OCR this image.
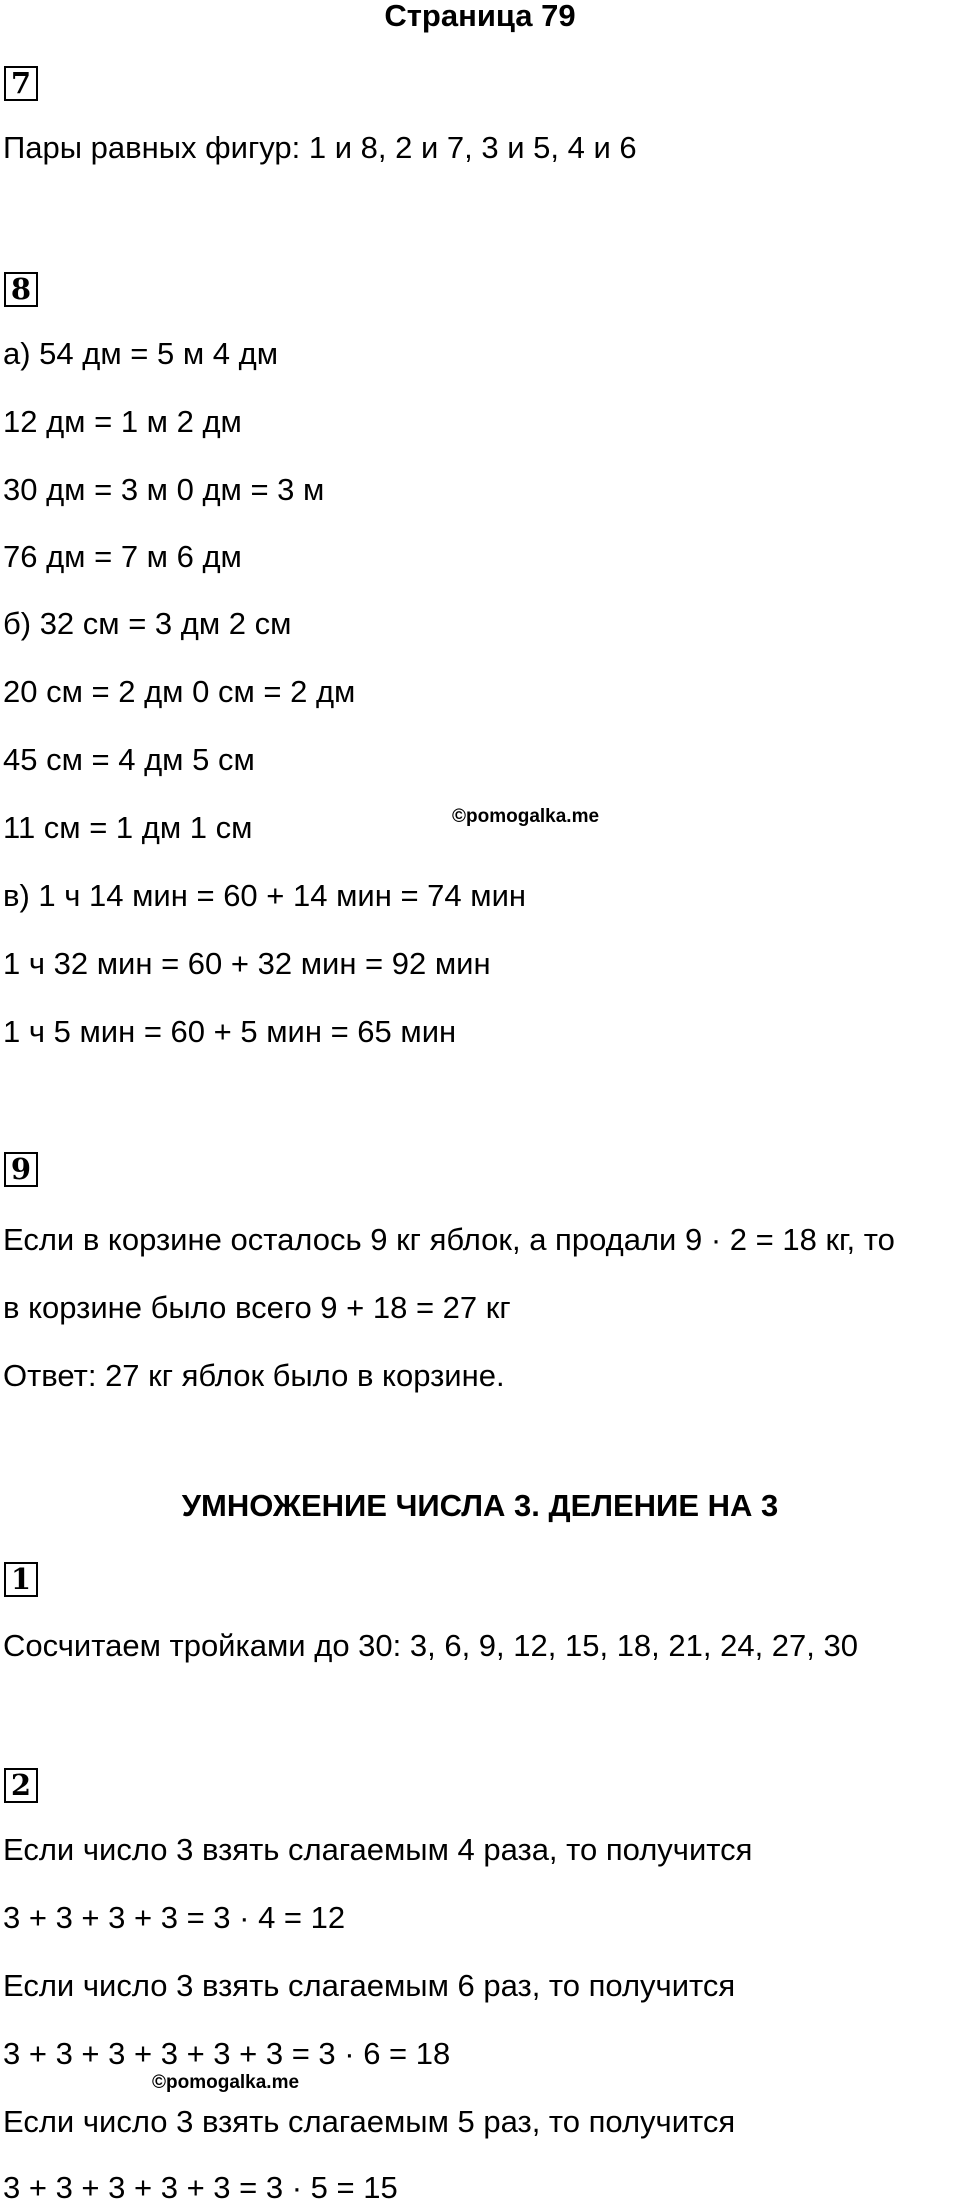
Страница 79
7
Пары равных фигур: 1 и 8, 2 и 7, 3 и 5, 4 и 6
8
а) 54 дм = 5 м 4 дм
12 дм = 1 м 2 дм
30 дм = 3 м 0 дм = 3 м
76 дм = 7 м 6 дм
б) 32 см = 3 дм 2 см
20 см = 2 дм 0 см = 2 дм
45 см = 4 дм 5 см
11 см = 1 дм 1 см	©pomogalka.me
в) 1 ч 14 мин = 60 + 14 мин = 74 мин
1 ч 32 мин = 60 + 32 мин = 92 мин
1 ч 5 мин = 60 + 5 мин = 65 мин
9
Если в корзине осталось 9 кг яблок, а продали 9 · 2 = 18 кг, то
в корзине было всего 9 + 18 = 27 кг
Ответ: 27 кг яблок было в корзине.
УМНОЖЕНИЕ ЧИСЛА 3. ДЕЛЕНИЕ НА 3
1
Сосчитаем тройками до 30: 3, 6, 9, 12, 15, 18, 21, 24, 27, 30
2
Если число 3 взять слагаемым 4 раза, то получится
3 + 3 + 3 + 3 = 3 · 4 = 12
Если число 3 взять слагаемым 6 раз, то получится
3 + 3 + 3 + 3 + 3 + 3 = 3 · 6 = 18
©pomogalka.me
Если число 3 взять слагаемым 5 раз, то получится
3 + 3 + 3 + 3 + 3 = 3 · 5 = 15
